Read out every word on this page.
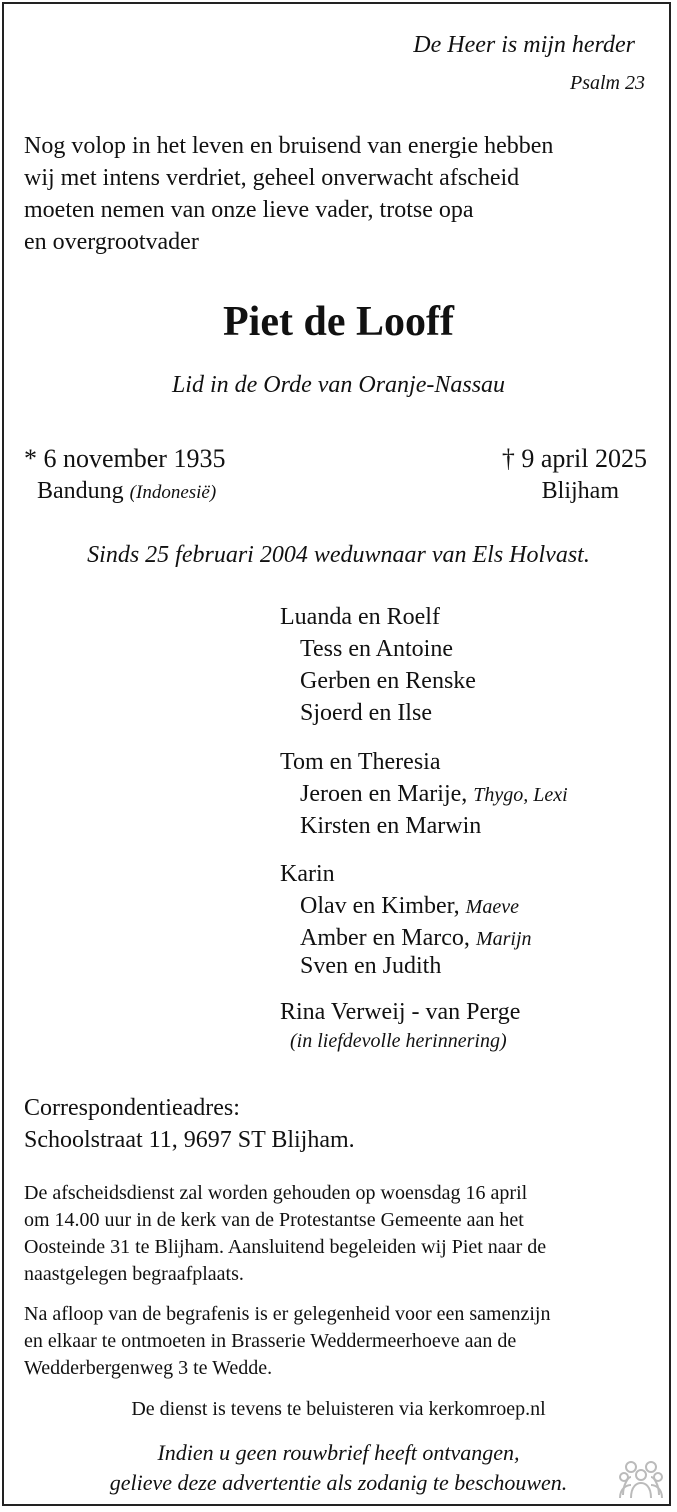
De Heer is mijn herder
Psalm 23
Nog volop in het leven en bruisend van energie hebben
wij met intens verdriet, geheel onverwacht afscheid
moeten nemen van onze lieve vader, trotse opa
en overgrootvader
Piet de Looff
Lid in de Orde van Oranje-Nassau
* 6 november 1935
Bandung (Indonesië)
† 9 april 2025
Blijham
Sinds 25 februari 2004 weduwnaar van Els Holvast.
Luanda en Roelf
Tess en Antoine
Gerben en Renske
Sjoerd en Ilse
Tom en Theresia
Jeroen en Marije, Thygo, Lexi
Kirsten en Marwin
Karin
Olav en Kimber, Maeve
Amber en Marco, Marijn
Sven en Judith
Rina Verweij - van Perge
(in liefdevolle herinnering)
Correspondentieadres:
Schoolstraat 11, 9697 ST Blijham.
De afscheidsdienst zal worden gehouden op woensdag 16 april
om 14.00 uur in de kerk van de Protestantse Gemeente aan het
Oosteinde 31 te Blijham. Aansluitend begeleiden wij Piet naar de
naastgelegen begraafplaats.
Na afloop van de begrafenis is er gelegenheid voor een samenzijn
en elkaar te ontmoeten in Brasserie Weddermeerhoeve aan de
Wedderbergenweg 3 te Wedde.
De dienst is tevens te beluisteren via kerkomroep.nl
Indien u geen rouwbrief heeft ontvangen,
gelieve deze advertentie als zodanig te beschouwen.
